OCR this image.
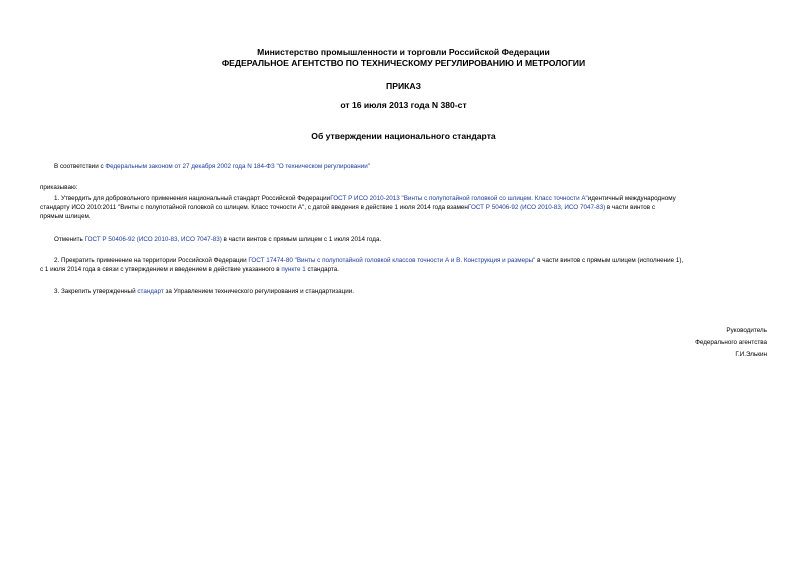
Министерство промышленности и торговли Российской Федерации
ФЕДЕРАЛЬНОЕ АГЕНТСТВО ПО ТЕХНИЧЕСКОМУ РЕГУЛИРОВАНИЮ И МЕТРОЛОГИИ
ПРИКАЗ
от 16 июля 2013 года N 380-ст
Об утверждении национального стандарта
В соответствии с Федеральным законом от 27 декабря 2002 года N 184-ФЗ "О техническом регулировании"
приказываю:
1. Утвердить для добровольного применения национальный стандарт Российской ФедерацииГОСТ Р ИСО 2010-2013 "Винты с полупотайной головкой со шлицем. Класс точности А"идентичный международному
стандарту ИСО 2010:2011 "Винты с полупотайной головкой со шлицем. Класс точности А", с датой введения в действие 1 июля 2014 года взаменГОСТ Р 50406-92 (ИСО 2010-83, ИСО 7047-83) в части винтов с
прямым шлицем.
Отменить ГОСТ Р 50406-92 (ИСО 2010-83, ИСО 7047-83) в части винтов с прямым шлицем с 1 июля 2014 года.
2. Прекратить применение на территории Российской Федерации ГОСТ 17474-80 "Винты с полупотайной головкой классов точности А и В. Конструкция и размеры" в части винтов с прямым шлицем (исполнение 1),
с 1 июля 2014 года в связи с утверждением и введением в действие указанного в пункте 1 стандарта.
3. Закрепить утвержденный стандарт за Управлением технического регулирования и стандартизации.
Руководитель
Федерального агентства
Г.И.Элькин
